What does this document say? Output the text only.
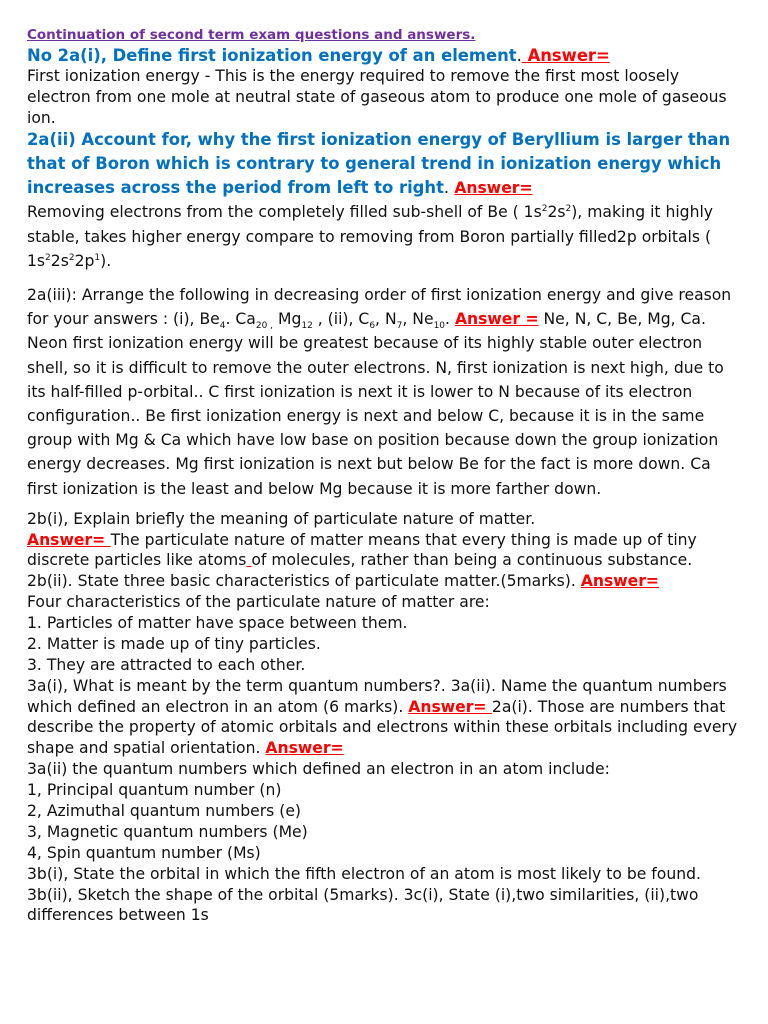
Continuation of second term exam questions and answers.

No 2a(i), Define first ionization energy of an element. Answer=

First ionization energy - This is the energy required to remove the first most loosely electron from one mole at neutral state of gaseous atom to produce one mole of gaseous ion.

2a(ii) Account for, why the first ionization energy of Beryllium is larger than that of Boron which is contrary to general trend in ionization energy which increases across the period from left to right. Answer=

Removing electrons from the completely filled sub-shell of Be ( $1s^22s^2$), making it highly stable, takes higher energy compare to removing from Boron partially filled2p orbitals ( $1s^22s^22p^1$).

2a(iii): Arrange the following in decreasing order of first ionization energy and give reason for your answers : (i), $Be_4$. $Ca_{20 ,}$ $Mg_{12}$ , (ii), $C_6$, $N_7$, $Ne_{10}$. Answer = Ne, N, C, Be, Mg, Ca. Neon first ionization energy will be greatest because of its highly stable outer electron shell, so it is difficult to remove the outer electrons. N, first ionization is next high, due to its half-filled p-orbital.. C first ionization is next it is lower to N because of its electron configuration.. Be first ionization energy is next and below C, because it is in the same group with Mg & Ca which have low base on position because down the group ionization energy decreases. Mg first ionization is next but below Be for the fact is more down. Ca first ionization is the least and below Mg because it is more farther down.

2b(i), Explain briefly the meaning of particulate nature of matter.

Answer= The particulate nature of matter means that every thing is made up of tiny discrete particles like atoms of molecules, rather than being a continuous substance.

2b(ii). State three basic characteristics of particulate matter.(5marks). Answer=

Four characteristics of the particulate nature of matter are:

1. Particles of matter have space between them.
2. Matter is made up of tiny particles.
3. They are attracted to each other.

3a(i), What is meant by the term quantum numbers?. 3a(ii). Name the quantum numbers which defined an electron in an atom (6 marks). Answer= 2a(i). Those are numbers that describe the property of atomic orbitals and electrons within these orbitals including every shape and spatial orientation. Answer=

3a(ii) the quantum numbers which defined an electron in an atom include:

1, Principal quantum number (n)
2, Azimuthal quantum numbers (e)
3, Magnetic quantum numbers (Me)
4, Spin quantum number (Ms)

3b(i), State the orbital in which the fifth electron of an atom is most likely to be found. 3b(ii), Sketch the shape of the orbital (5marks). 3c(i), State (i),two similarities, (ii),two differences between 1s
